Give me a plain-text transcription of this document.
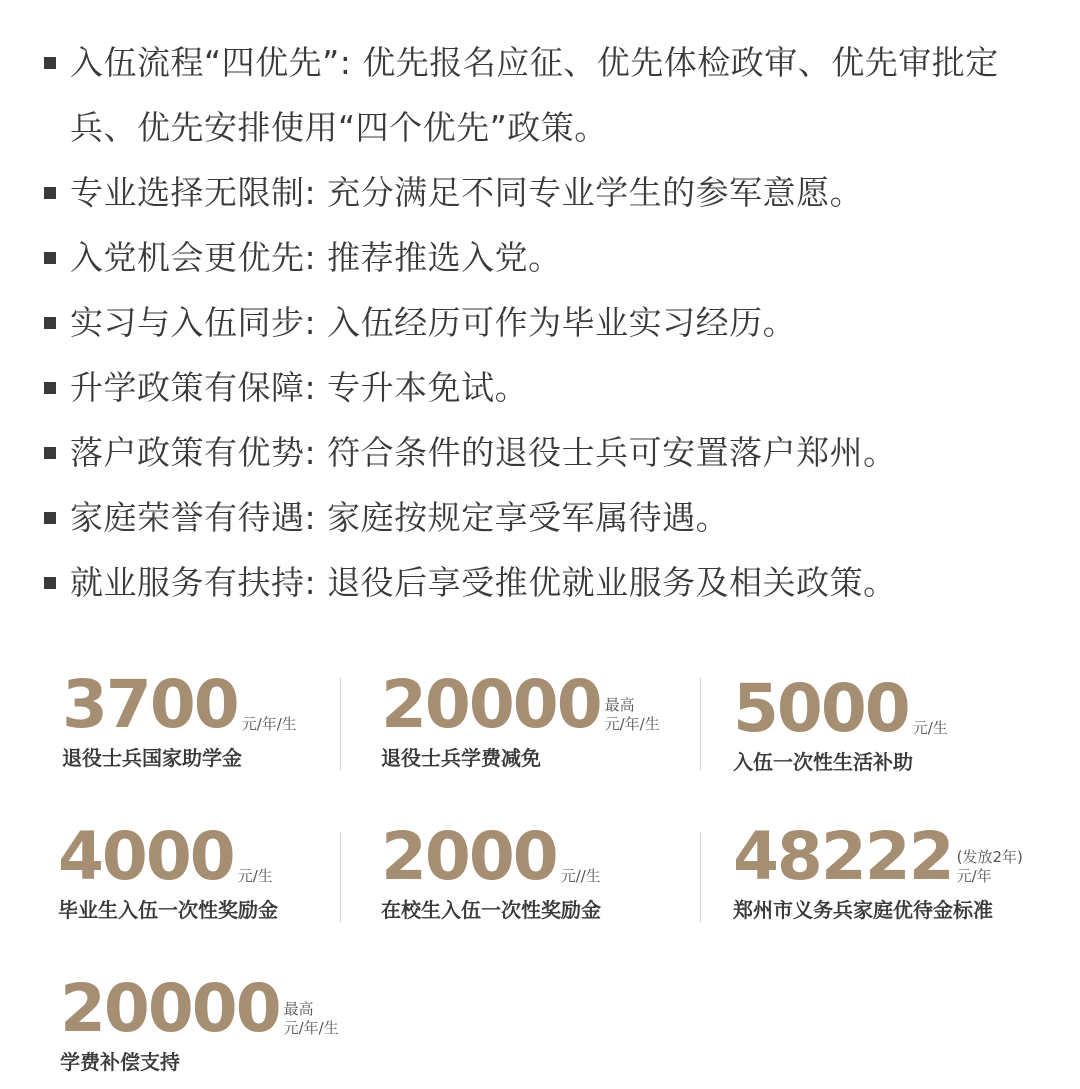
入伍流程“四优先”: 优先报名应征、优先体检政审、优先审批定兵、优先安排使用“四个优先”政策。
专业选择无限制: 充分满足不同专业学生的参军意愿。
入党机会更优先: 推荐推选入党。
实习与入伍同步: 入伍经历可作为毕业实习经历。
升学政策有保障: 专升本免试。
落户政策有优势: 符合条件的退役士兵可安置落户郑州。
家庭荣誉有待遇: 家庭按规定享受军属待遇。
就业服务有扶持: 退役后享受推优就业服务及相关政策。
3700 元/年/生
退役士兵国家助学金
20000 最高
元/年/生
退役士兵学费减免
5000 元/生
入伍一次性生活补助
4000 元/生
毕业生入伍一次性奖励金
2000 元//生
在校生入伍一次性奖励金
48222 (发放2年)
元/年
郑州市义务兵家庭优待金标准
20000 最高
元/年/生
学费补偿支持
